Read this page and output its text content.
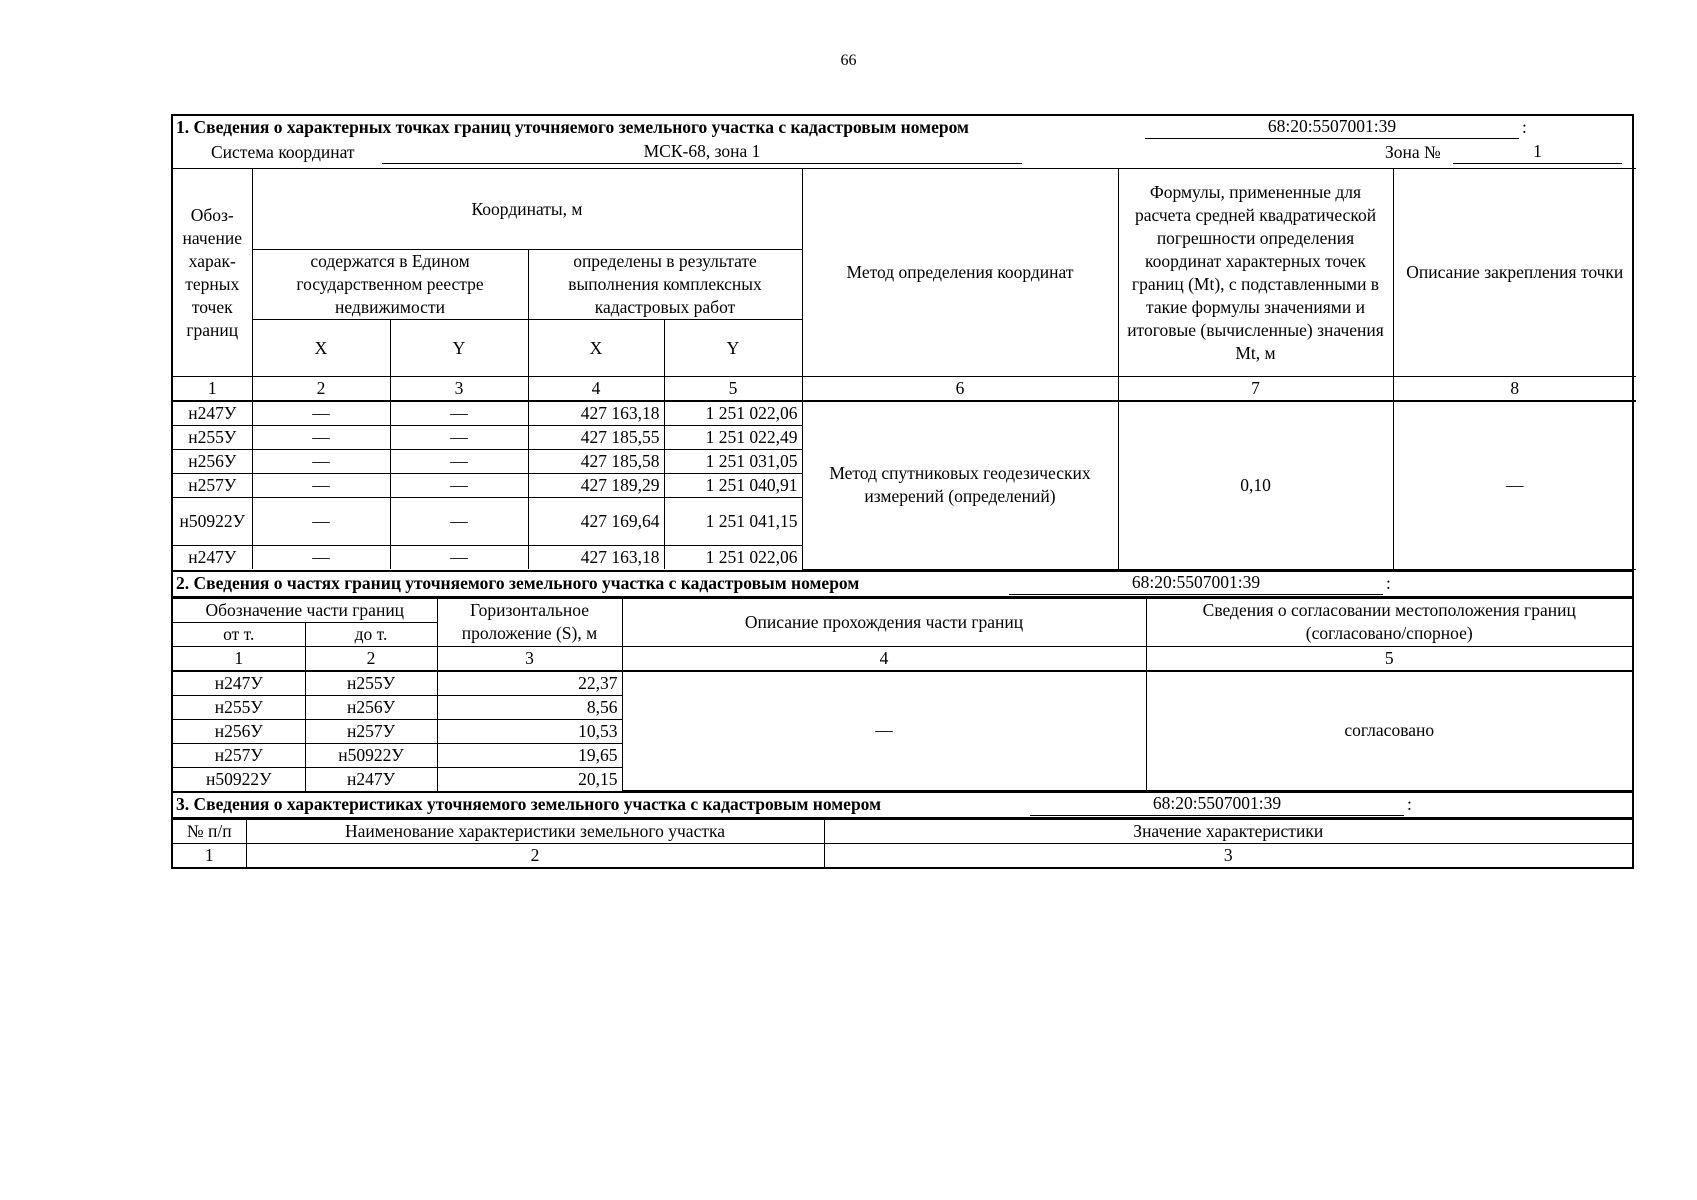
66
1. Сведения о характерных точках границ уточняемого земельного участка с кадастровым номером	68:20:5507001:39	:
Система координат	МСК-68, зона 1	Зона №	1
Обоз-начение харак-терных точек границ	Координаты, м				Метод определения координат	Формулы, примененные для расчета средней квадратической погрешности определения координат характерных точек границ (Mt), с подставленными в такие формулы значениями и итоговые (вычисленные) значения Mt, м	Описание закрепления точки
	содержатся в Едином государственном реестре недвижимости		определены в результате выполнения комплексных кадастровых работ				
	X	Y	X	Y			
1	2	3	4	5	6	7	8
н247У	—	—	427 163,18	1 251 022,06	Метод спутниковых геодезических измерений (определений)	0,10	—
н255У	—	—	427 185,55	1 251 022,49			
н256У	—	—	427 185,58	1 251 031,05			
н257У	—	—	427 189,29	1 251 040,91			
н50922У	—	—	427 169,64	1 251 041,15			
н247У	—	—	427 163,18	1 251 022,06			
2. Сведения о частях границ уточняемого земельного участка с кадастровым номером	68:20:5507001:39	:
Обозначение части границ		Горизонтальное проложение (S), м	Описание прохождения части границ	Сведения о согласовании местоположения границ (согласовано/спорное)
от т.	до т.			
1	2	3	4	5
н247У	н255У	22,37	—	согласовано
н255У	н256У	8,56		
н256У	н257У	10,53		
н257У	н50922У	19,65		
н50922У	н247У	20,15		
3. Сведения о характеристиках уточняемого земельного участка с кадастровым номером	68:20:5507001:39	:
№ п/п	Наименование характеристики земельного участка	Значение характеристики
1	2	3
